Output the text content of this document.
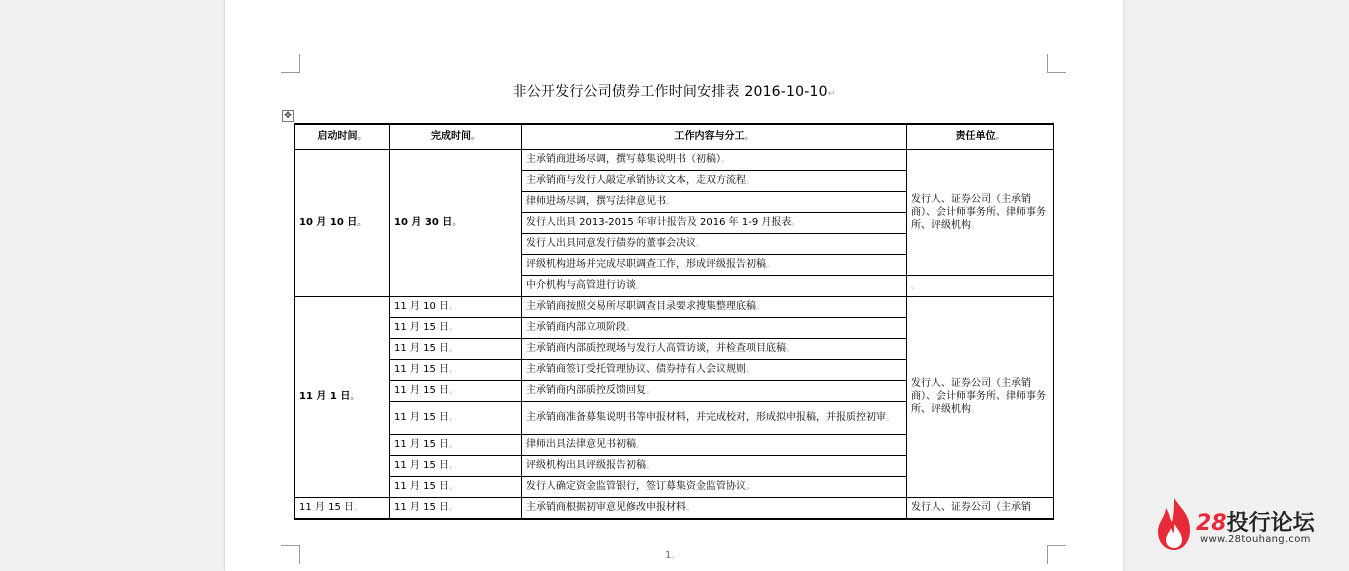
非公开发行公司债券工作时间安排表 2016-10-10↵
✥
启动时间。	完成时间。	工作内容与分工。	责任单位。
10 月 10 日。	10 月 30 日。	主承销商进场尽调，撰写募集说明书（初稿）。	发行人、证券公司（主承销商）、会计师事务所、律师事务所、评级机构。
		主承销商与发行人敲定承销协议文本，走双方流程。	
		律师进场尽调，撰写法律意见书。	
		发行人出具 2013-2015 年审计报告及 2016 年 1-9 月报表。	
		发行人出具同意发行债券的董事会决议。	
		评级机构进场并完成尽职调查工作，形成评级报告初稿。	
		中介机构与高管进行访谈。	。
11 月 1 日。	11 月 10 日。	主承销商按照交易所尽职调查目录要求搜集整理底稿。	发行人、证券公司（主承销商）、会计师事务所、律师事务所、评级机构。
	11 月 15 日。	主承销商内部立项阶段。	
	11 月 15 日。	主承销商内部质控现场与发行人高管访谈，并检查项目底稿。	
	11 月 15 日。	主承销商签订受托管理协议、债券持有人会议规则。	
	11 月 15 日。	主承销商内部质控反馈回复。	
	11 月 15 日。	主承销商准备募集说明书等申报材料，并完成校对，形成拟申报稿，并报质控初审。	
	11 月 15 日。	律师出具法律意见书初稿。	
	11 月 15 日。	评级机构出具评级报告初稿。	
	11 月 15 日。	发行人确定资金监管银行，签订募集资金监管协议。	
11 月 15 日。	11 月 15 日。	主承销商根据初审意见修改申报材料。	发行人、证券公司（主承销
1。
28投行论坛
www.28touhang.com
